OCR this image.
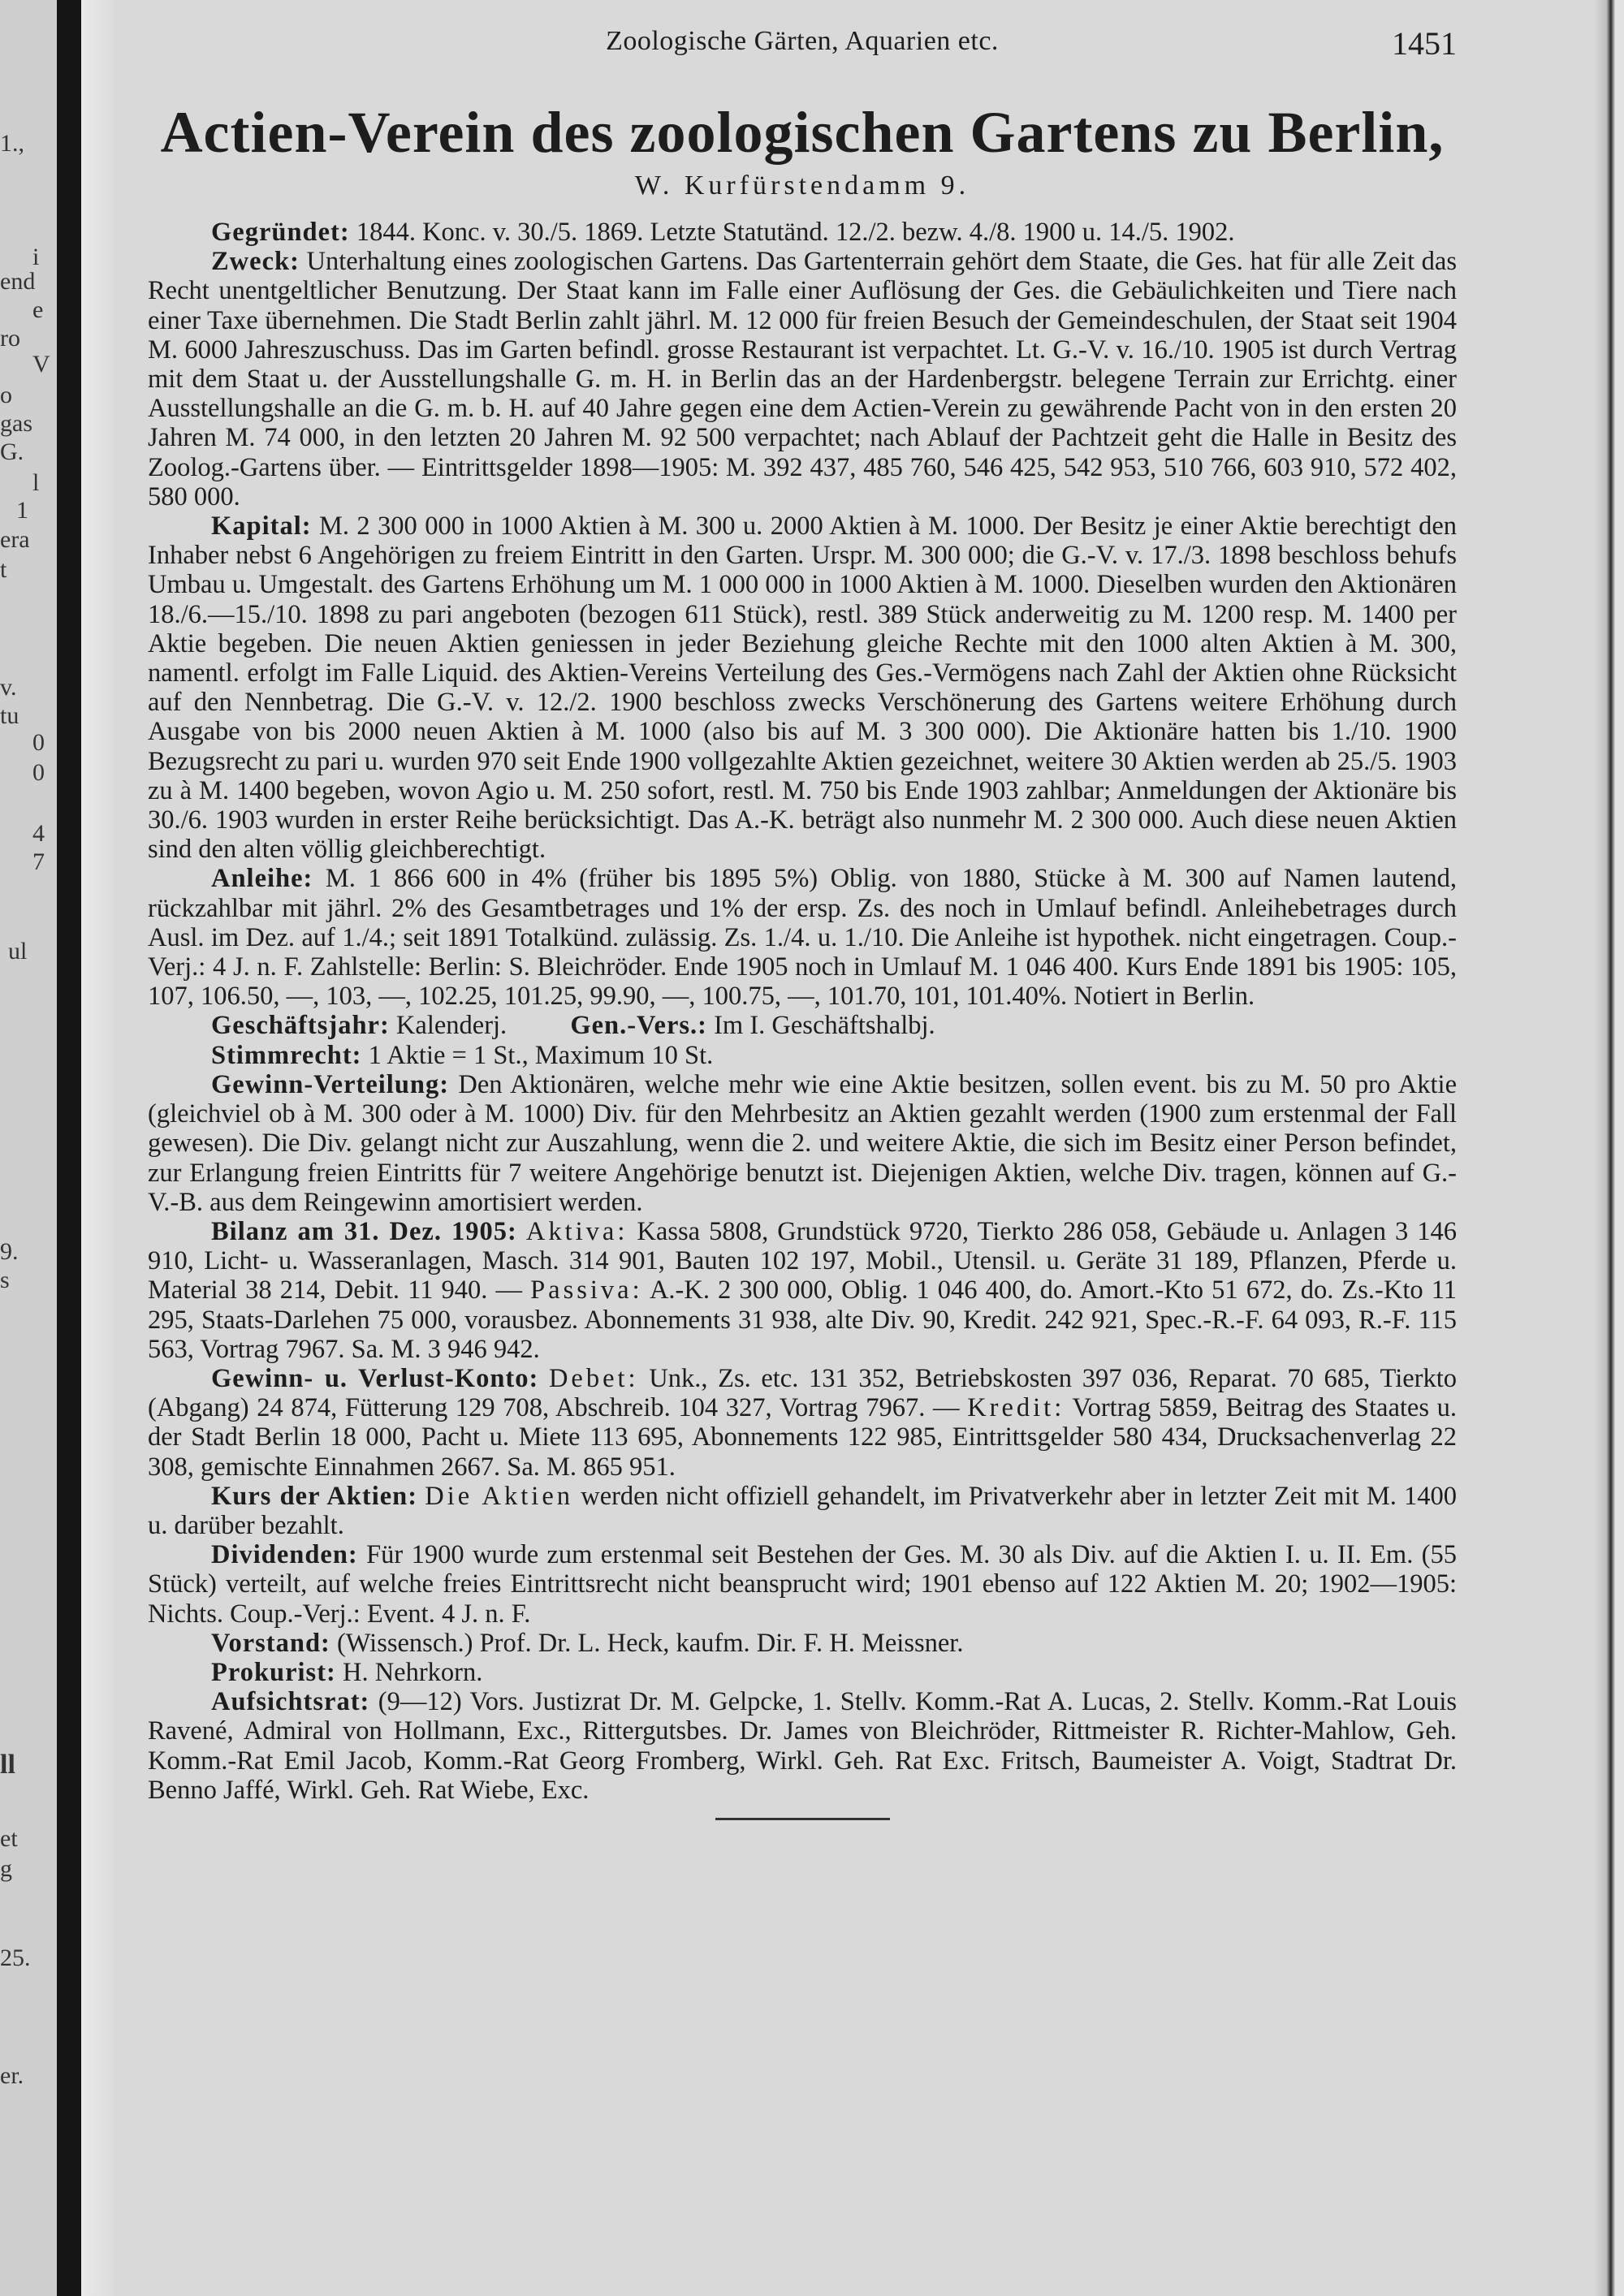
1.,
i
end
e
ro
V
o
gas
G.
l
1
era
t
v.
tu
0
0
4
7
ul
9.
s
ll
et
g
25.
er.
Zoologische Gärten, Aquarien etc.	1451
Actien-Verein des zoologischen Gartens zu Berlin,
W. Kurfürstendamm 9.

Gegründet: 1844. Konc. v. 30./5. 1869. Letzte Statutänd. 12./2. bezw. 4./8. 1900 u. 14./5. 1902.

Zweck: Unterhaltung eines zoologischen Gartens. Das Gartenterrain gehört dem Staate, die Ges. hat für alle Zeit das Recht unentgeltlicher Benutzung. Der Staat kann im Falle einer Auflösung der Ges. die Gebäulichkeiten und Tiere nach einer Taxe übernehmen. Die Stadt Berlin zahlt jährl. M. 12 000 für freien Besuch der Gemeindeschulen, der Staat seit 1904 M. 6000 Jahreszuschuss. Das im Garten befindl. grosse Restaurant ist verpachtet. Lt. G.-V. v. 16./10. 1905 ist durch Vertrag mit dem Staat u. der Ausstellungshalle G. m. H. in Berlin das an der Hardenbergstr. belegene Terrain zur Errichtg. einer Ausstellungshalle an die G. m. b. H. auf 40 Jahre gegen eine dem Actien-Verein zu gewährende Pacht von in den ersten 20 Jahren M. 74 000, in den letzten 20 Jahren M. 92 500 verpachtet; nach Ablauf der Pachtzeit geht die Halle in Besitz des Zoolog.-Gartens über. — Eintrittsgelder 1898—1905: M. 392 437, 485 760, 546 425, 542 953, 510 766, 603 910, 572 402, 580 000.

Kapital: M. 2 300 000 in 1000 Aktien à M. 300 u. 2000 Aktien à M. 1000. Der Besitz je einer Aktie berechtigt den Inhaber nebst 6 Angehörigen zu freiem Eintritt in den Garten. Urspr. M. 300 000; die G.-V. v. 17./3. 1898 beschloss behufs Umbau u. Umgestalt. des Gartens Erhöhung um M. 1 000 000 in 1000 Aktien à M. 1000. Dieselben wurden den Aktionären 18./6.—15./10. 1898 zu pari angeboten (bezogen 611 Stück), restl. 389 Stück anderweitig zu M. 1200 resp. M. 1400 per Aktie begeben. Die neuen Aktien geniessen in jeder Beziehung gleiche Rechte mit den 1000 alten Aktien à M. 300, namentl. erfolgt im Falle Liquid. des Aktien-Vereins Verteilung des Ges.-Vermögens nach Zahl der Aktien ohne Rücksicht auf den Nennbetrag. Die G.-V. v. 12./2. 1900 beschloss zwecks Verschönerung des Gartens weitere Erhöhung durch Ausgabe von bis 2000 neuen Aktien à M. 1000 (also bis auf M. 3 300 000). Die Aktionäre hatten bis 1./10. 1900 Bezugsrecht zu pari u. wurden 970 seit Ende 1900 vollgezahlte Aktien gezeichnet, weitere 30 Aktien werden ab 25./5. 1903 zu à M. 1400 begeben, wovon Agio u. M. 250 sofort, restl. M. 750 bis Ende 1903 zahlbar; Anmeldungen der Aktionäre bis 30./6. 1903 wurden in erster Reihe berücksichtigt. Das A.-K. beträgt also nunmehr M. 2 300 000. Auch diese neuen Aktien sind den alten völlig gleichberechtigt.

Anleihe: M. 1 866 600 in 4% (früher bis 1895 5%) Oblig. von 1880, Stücke à M. 300 auf Namen lautend, rückzahlbar mit jährl. 2% des Gesamtbetrages und 1% der ersp. Zs. des noch in Umlauf befindl. Anleihebetrages durch Ausl. im Dez. auf 1./4.; seit 1891 Totalkünd. zulässig. Zs. 1./4. u. 1./10. Die Anleihe ist hypothek. nicht eingetragen. Coup.-Verj.: 4 J. n. F. Zahlstelle: Berlin: S. Bleichröder. Ende 1905 noch in Umlauf M. 1 046 400. Kurs Ende 1891 bis 1905: 105, 107, 106.50, —, 103, —, 102.25, 101.25, 99.90, —, 100.75, —, 101.70, 101, 101.40%. Notiert in Berlin.

Geschäftsjahr: Kalenderj. Gen.-Vers.: Im I. Geschäftshalbj.

Stimmrecht: 1 Aktie = 1 St., Maximum 10 St.

Gewinn-Verteilung: Den Aktionären, welche mehr wie eine Aktie besitzen, sollen event. bis zu M. 50 pro Aktie (gleichviel ob à M. 300 oder à M. 1000) Div. für den Mehrbesitz an Aktien gezahlt werden (1900 zum erstenmal der Fall gewesen). Die Div. gelangt nicht zur Auszahlung, wenn die 2. und weitere Aktie, die sich im Besitz einer Person befindet, zur Erlangung freien Eintritts für 7 weitere Angehörige benutzt ist. Diejenigen Aktien, welche Div. tragen, können auf G.-V.-B. aus dem Reingewinn amortisiert werden.

Bilanz am 31. Dez. 1905: Aktiva: Kassa 5808, Grundstück 9720, Tierkto 286 058, Gebäude u. Anlagen 3 146 910, Licht- u. Wasseranlagen, Masch. 314 901, Bauten 102 197, Mobil., Utensil. u. Geräte 31 189, Pflanzen, Pferde u. Material 38 214, Debit. 11 940. — Passiva: A.-K. 2 300 000, Oblig. 1 046 400, do. Amort.-Kto 51 672, do. Zs.-Kto 11 295, Staats-Darlehen 75 000, vorausbez. Abonnements 31 938, alte Div. 90, Kredit. 242 921, Spec.-R.-F. 64 093, R.-F. 115 563, Vortrag 7967. Sa. M. 3 946 942.

Gewinn- u. Verlust-Konto: Debet: Unk., Zs. etc. 131 352, Betriebskosten 397 036, Reparat. 70 685, Tierkto (Abgang) 24 874, Fütterung 129 708, Abschreib. 104 327, Vortrag 7967. — Kredit: Vortrag 5859, Beitrag des Staates u. der Stadt Berlin 18 000, Pacht u. Miete 113 695, Abonnements 122 985, Eintrittsgelder 580 434, Drucksachenverlag 22 308, gemischte Einnahmen 2667. Sa. M. 865 951.

Kurs der Aktien: Die Aktien werden nicht offiziell gehandelt, im Privatverkehr aber in letzter Zeit mit M. 1400 u. darüber bezahlt.

Dividenden: Für 1900 wurde zum erstenmal seit Bestehen der Ges. M. 30 als Div. auf die Aktien I. u. II. Em. (55 Stück) verteilt, auf welche freies Eintrittsrecht nicht beansprucht wird; 1901 ebenso auf 122 Aktien M. 20; 1902—1905: Nichts. Coup.-Verj.: Event. 4 J. n. F.

Vorstand: (Wissensch.) Prof. Dr. L. Heck, kaufm. Dir. F. H. Meissner.

Prokurist: H. Nehrkorn.

Aufsichtsrat: (9—12) Vors. Justizrat Dr. M. Gelpcke, 1. Stellv. Komm.-Rat A. Lucas, 2. Stellv. Komm.-Rat Louis Ravené, Admiral von Hollmann, Exc., Rittergutsbes. Dr. James von Bleichröder, Rittmeister R. Richter-Mahlow, Geh. Komm.-Rat Emil Jacob, Komm.-Rat Georg Fromberg, Wirkl. Geh. Rat Exc. Fritsch, Baumeister A. Voigt, Stadtrat Dr. Benno Jaffé, Wirkl. Geh. Rat Wiebe, Exc.
